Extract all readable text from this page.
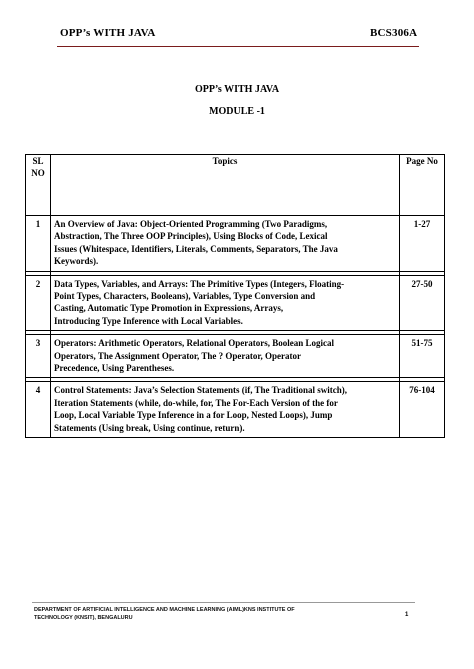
OPP’s WITH JAVA	BCS306A
OPP’s WITH JAVA
MODULE -1
SL
NO	Topics	Page No
1	An Overview of Java: Object-Oriented Programming (Two Paradigms,
Abstraction, The Three OOP Principles), Using Blocks of Code, Lexical
Issues (Whitespace, Identifiers, Literals, Comments, Separators, The Java
Keywords).	1-27

2	Data Types, Variables, and Arrays: The Primitive Types (Integers, Floating-
Point Types, Characters, Booleans), Variables, Type Conversion and
Casting, Automatic Type Promotion in Expressions, Arrays,
Introducing Type Inference with Local Variables.	27-50

3	Operators: Arithmetic Operators, Relational Operators, Boolean Logical
Operators, The Assignment Operator, The ? Operator, Operator
Precedence, Using Parentheses.	51-75

4	Control Statements: Java’s Selection Statements (if, The Traditional switch),
Iteration Statements (while, do-while, for, The For-Each Version of the for
Loop, Local Variable Type Inference in a for Loop, Nested Loops), Jump
Statements (Using break, Using continue, return).	76-104
DEPARTMENT OF ARTIFICIAL INTELLIGENCE AND MACHINE LEARNING (AIML)KNS INSTITUTE OF
TECHNOLOGY (KNSIT), BENGALURU
1
